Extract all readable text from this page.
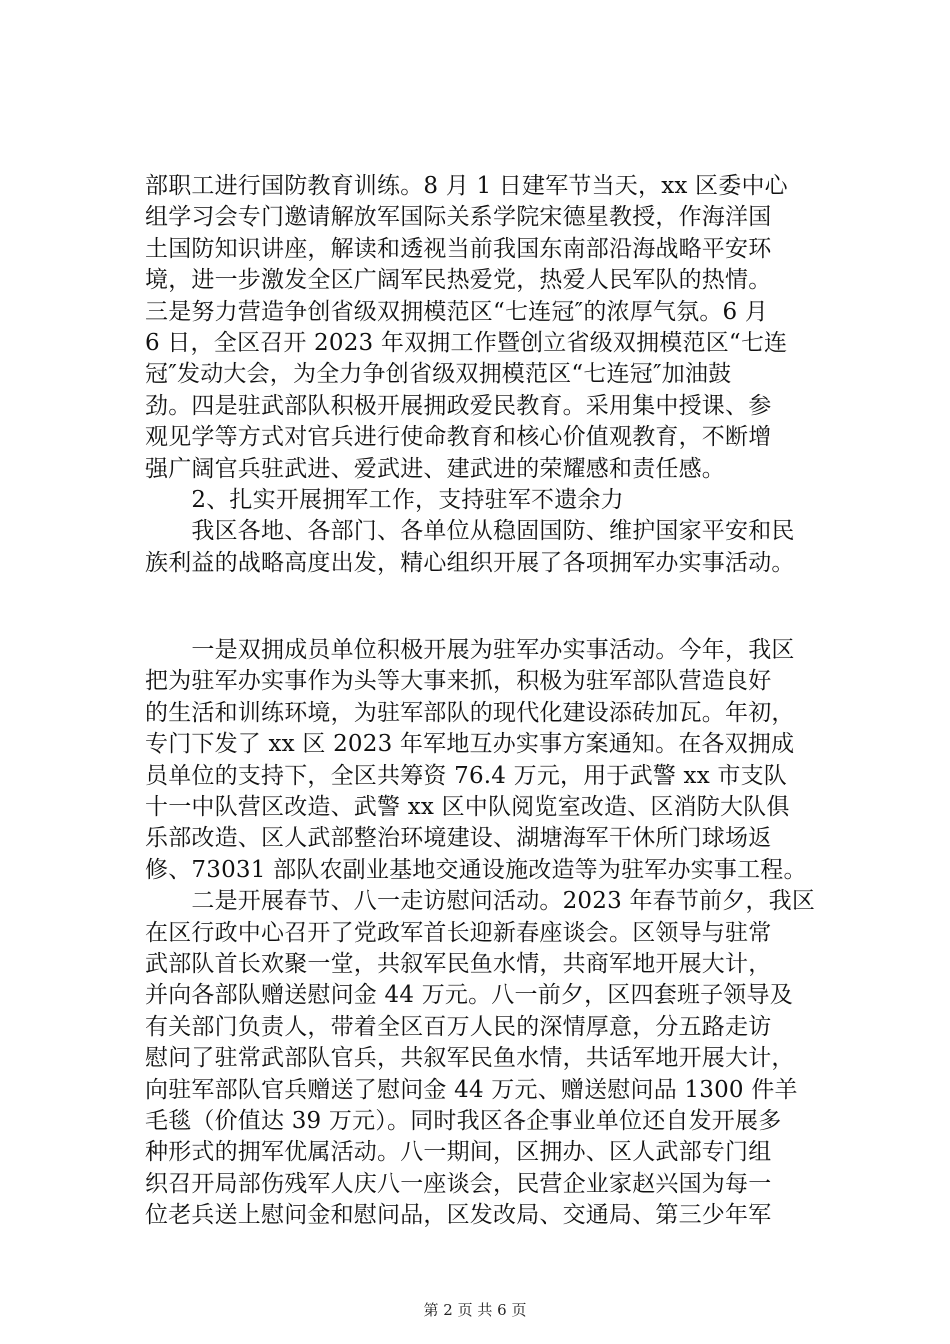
部职工进行国防教育训练。8 月 1 日建军节当天，xx 区委中心
组学习会专门邀请解放军国际关系学院宋德星教授，作海洋国
土国防知识讲座，解读和透视当前我国东南部沿海战略平安环
境，进一步激发全区广阔军民热爱党，热爱人民军队的热情。
三是努力营造争创省级双拥模范区“七连冠″的浓厚气氛。6 月
6 日，全区召开 2023 年双拥工作暨创立省级双拥模范区“七连
冠″发动大会，为全力争创省级双拥模范区“七连冠″加油鼓
劲。四是驻武部队积极开展拥政爱民教育。采用集中授课、参
观见学等方式对官兵进行使命教育和核心价值观教育，不断增
强广阔官兵驻武进、爱武进、建武进的荣耀感和责任感。
　　2、扎实开展拥军工作，支持驻军不遗余力
　　我区各地、各部门、各单位从稳固国防、维护国家平安和民
族利益的战略高度出发，精心组织开展了各项拥军办实事活动。
　　一是双拥成员单位积极开展为驻军办实事活动。今年，我区
把为驻军办实事作为头等大事来抓，积极为驻军部队营造良好
的生活和训练环境，为驻军部队的现代化建设添砖加瓦。年初，
专门下发了 xx 区 2023 年军地互办实事方案通知。在各双拥成
员单位的支持下，全区共筹资 76.4 万元，用于武警 xx 市支队
十一中队营区改造、武警 xx 区中队阅览室改造、区消防大队俱
乐部改造、区人武部整治环境建设、湖塘海军干休所门球场返
修、73031 部队农副业基地交通设施改造等为驻军办实事工程。
　　二是开展春节、八一走访慰问活动。2023 年春节前夕，我区
在区行政中心召开了党政军首长迎新春座谈会。区领导与驻常
武部队首长欢聚一堂，共叙军民鱼水情，共商军地开展大计，
并向各部队赠送慰问金 44 万元。八一前夕，区四套班子领导及
有关部门负责人，带着全区百万人民的深情厚意，分五路走访
慰问了驻常武部队官兵，共叙军民鱼水情，共话军地开展大计，
向驻军部队官兵赠送了慰问金 44 万元、赠送慰问品 1300 件羊
毛毯（价值达 39 万元）。同时我区各企事业单位还自发开展多
种形式的拥军优属活动。八一期间，区拥办、区人武部专门组
织召开局部伤残军人庆八一座谈会，民营企业家赵兴国为每一
位老兵送上慰问金和慰问品，区发改局、交通局、第三少年军
第 2 页 共 6 页
